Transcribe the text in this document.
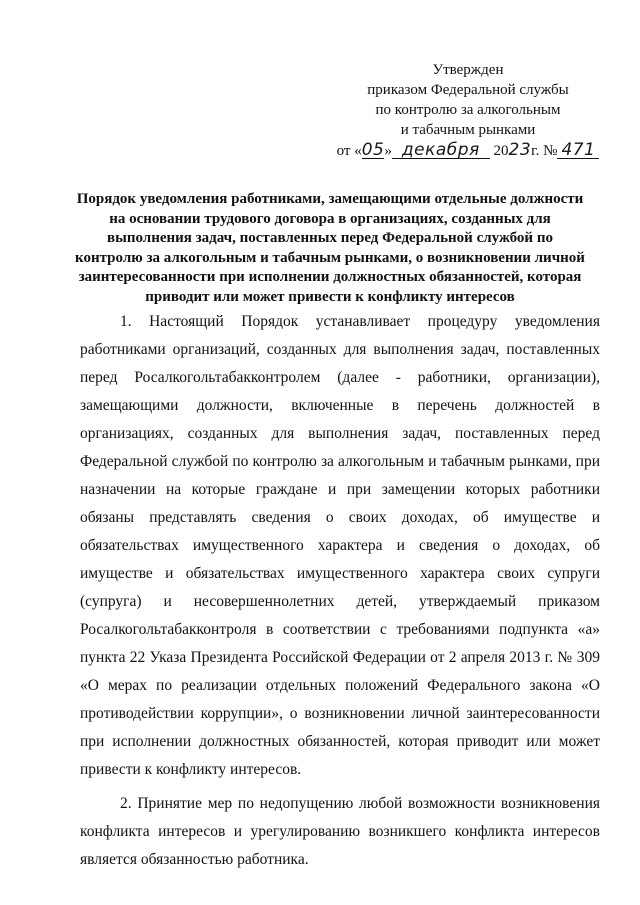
Утвержден
приказом Федеральной службы
по контролю за алкогольным
и табачным рынками
от «05» декабря 2023г. № 471
Порядок уведомления работниками, замещающими отдельные должности
на основании трудового договора в организациях, созданных для
выполнения задач, поставленных перед Федеральной службой по
контролю за алкогольным и табачным рынками, о возникновении личной
заинтересованности при исполнении должностных обязанностей, которая
приводит или может привести к конфликту интересов

1. Настоящий Порядок устанавливает процедуру уведомления работниками организаций, созданных для выполнения задач, поставленных перед Росалкогольтабакконтролем (далее - работники, организации), замещающими должности, включенные в перечень должностей в организациях, созданных для выполнения задач, поставленных перед Федеральной службой по контролю за алкогольным и табачным рынками, при назначении на которые граждане и при замещении которых работники обязаны представлять сведения о своих доходах, об имуществе и обязательствах имущественного характера и сведения о доходах, об имуществе и обязательствах имущественного характера своих супруги (супруга) и несовершеннолетних детей, утверждаемый приказом Росалкогольтабакконтроля в соответствии с требованиями подпункта «а» пункта 22 Указа Президента Российской Федерации от 2 апреля 2013 г. № 309 «О мерах по реализации отдельных положений Федерального закона «О противодействии коррупции», о возникновении личной заинтересованности при исполнении должностных обязанностей, которая приводит или может привести к конфликту интересов.

2. Принятие мер по недопущению любой возможности возникновения конфликта интересов и урегулированию возникшего конфликта интересов является обязанностью работника.
